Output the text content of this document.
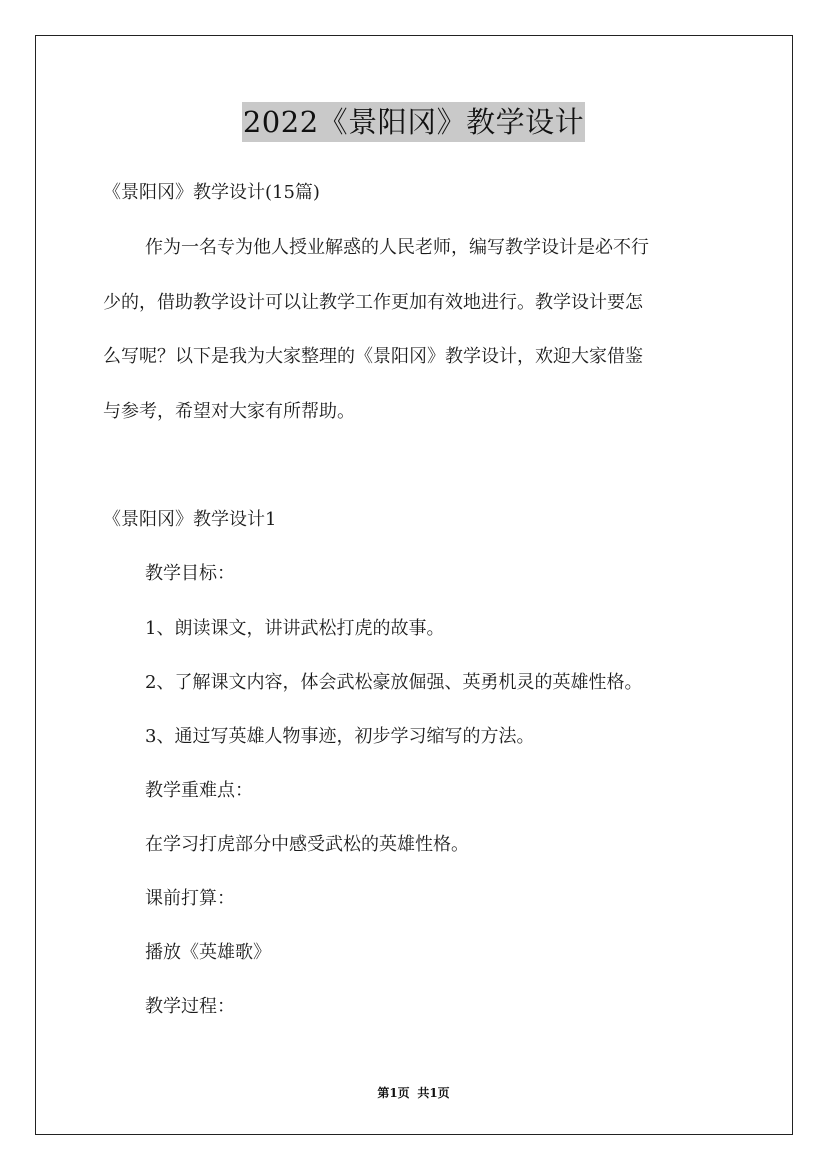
2022《景阳冈》教学设计
《景阳冈》教学设计(15篇)
作为一名专为他人授业解惑的人民老师，编写教学设计是必不行
少的，借助教学设计可以让教学工作更加有效地进行。教学设计要怎
么写呢？以下是我为大家整理的《景阳冈》教学设计，欢迎大家借鉴
与参考，希望对大家有所帮助。
《景阳冈》教学设计1
教学目标：
1、朗读课文，讲讲武松打虎的故事。
2、了解课文内容，体会武松豪放倔强、英勇机灵的英雄性格。
3、通过写英雄人物事迹，初步学习缩写的方法。
教学重难点：
在学习打虎部分中感受武松的英雄性格。
课前打算：
播放《英雄歌》
教学过程：
第1页 共1页
